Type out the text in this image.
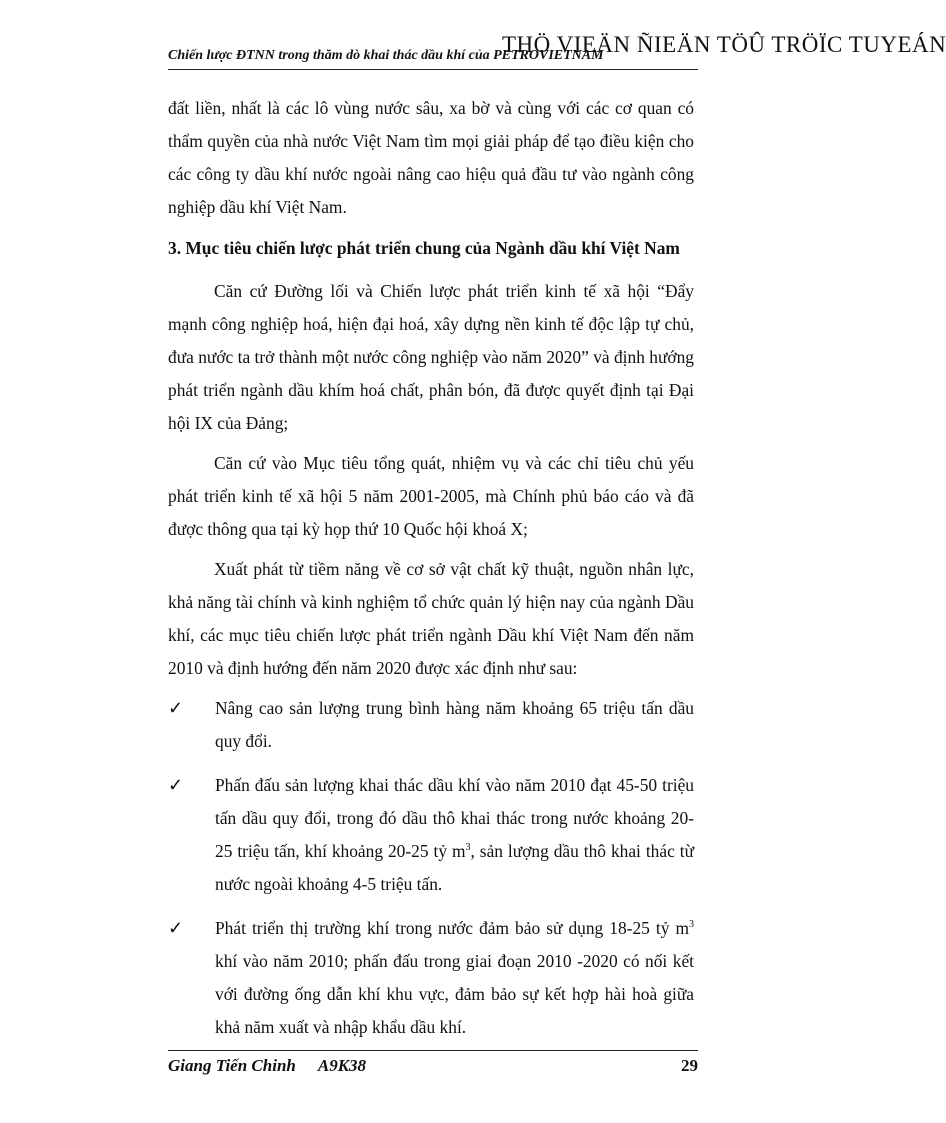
Chiến lược ĐTNN trong thăm dò khai thác dầu khí của PETROVIETNAM
THÖ VIEÄN ÑIEÄN TÖÛ TRÖÏC TUYEÁN

đất liền, nhất là các lô vùng nước sâu, xa bờ và cùng với các cơ quan có thẩm quyền của nhà nước Việt Nam tìm mọi giải pháp để tạo điều kiện cho các công ty dầu khí nước ngoài nâng cao hiệu quả đầu tư vào ngành công nghiệp dầu khí Việt Nam.

3. Mục tiêu chiến lược phát triển chung của Ngành dầu khí Việt Nam

Căn cứ Đường lối và Chiến lược phát triển kinh tế xã hội “Đẩy mạnh công nghiệp hoá, hiện đại hoá, xây dựng nền kinh tế độc lập tự chủ, đưa nước ta trở thành một nước công nghiệp vào năm 2020” và định hướng phát triển ngành dầu khím hoá chất, phân bón, đã được quyết định tại Đại hội IX của Đảng;

Căn cứ vào Mục tiêu tổng quát, nhiệm vụ và các chỉ tiêu chủ yếu phát triển kinh tế xã hội 5 năm 2001-2005, mà Chính phủ báo cáo và đã được thông qua tại kỳ họp thứ 10 Quốc hội khoá X;

Xuất phát từ tiềm năng về cơ sở vật chất kỹ thuật, nguồn nhân lực, khả năng tài chính và kinh nghiệm tổ chức quản lý hiện nay của ngành Dầu khí, các mục tiêu chiến lược phát triển ngành Dầu khí Việt Nam đến năm 2010 và định hướng đến năm 2020 được xác định như sau:

✓ Nâng cao sản lượng trung bình hàng năm khoảng 65 triệu tấn dầu quy đổi.
✓ Phấn đấu sản lượng khai thác dầu khí vào năm 2010 đạt 45-50 triệu tấn dầu quy đổi, trong đó dầu thô khai thác trong nước khoảng 20-25 triệu tấn, khí khoảng 20-25 tỷ $m^3$, sản lượng dầu thô khai thác từ nước ngoài khoảng 4-5 triệu tấn.
✓ Phát triển thị trường khí trong nước đảm bảo sử dụng 18-25 tỷ $m^3$ khí vào năm 2010; phấn đấu trong giai đoạn 2010 -2020 có nối kết với đường ống dẫn khí khu vực, đảm bảo sự kết hợp hài hoà giữa khả năm xuất và nhập khẩu dầu khí.
Giang Tiến Chinh A9K38	29
